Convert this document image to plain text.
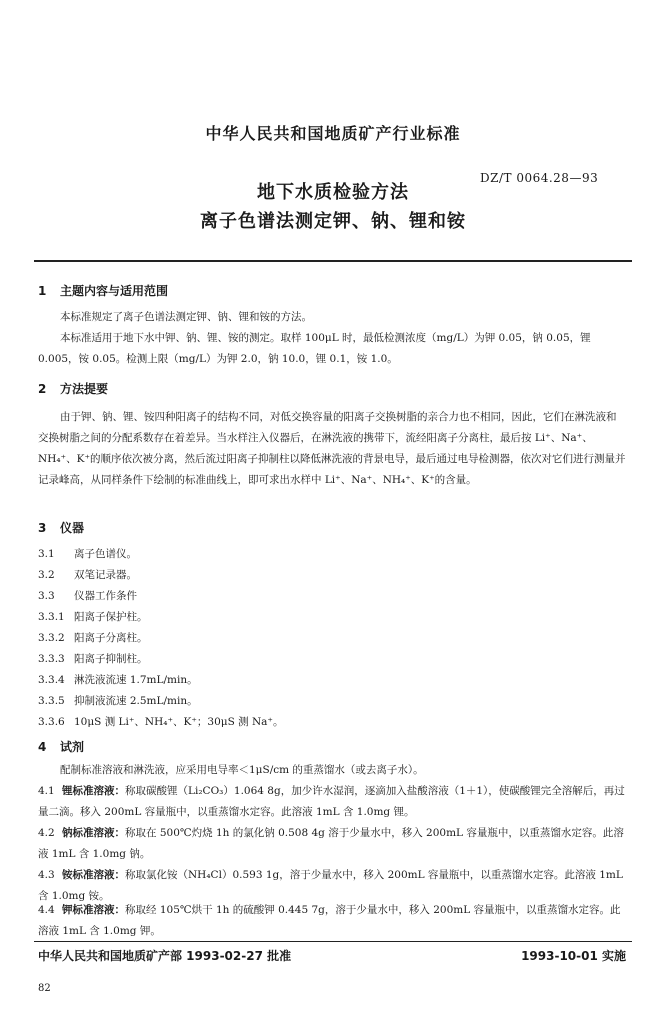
中华人民共和国地质矿产行业标准
地下水质检验方法
离子色谱法测定钾、钠、锂和铵
DZ/T 0064.28—93
1 主题内容与适用范围
本标准规定了离子色谱法测定钾、钠、锂和铵的方法。
本标准适用于地下水中钾、钠、锂、铵的测定。取样 100μL 时，最低检测浓度（mg/L）为钾 0.05，钠 0.05，锂 0.005，铵 0.05。检测上限（mg/L）为钾 2.0，钠 10.0，锂 0.1，铵 1.0。
2 方法提要
由于钾、钠、锂、铵四种阳离子的结构不同，对低交换容量的阳离子交换树脂的亲合力也不相同，因此，它们在淋洗液和交换树脂之间的分配系数存在着差异。当水样注入仪器后，在淋洗液的携带下，流经阳离子分离柱，最后按 Li⁺、Na⁺、NH₄⁺、K⁺的顺序依次被分离，然后流过阳离子抑制柱以降低淋洗液的背景电导，最后通过电导检测器，依次对它们进行测量并记录峰高，从同样条件下绘制的标准曲线上，即可求出水样中 Li⁺、Na⁺、NH₄⁺、K⁺的含量。
3 仪器
3.1 离子色谱仪。
3.2 双笔记录器。
3.3 仪器工作条件
3.3.1 阳离子保护柱。
3.3.2 阳离子分离柱。
3.3.3 阳离子抑制柱。
3.3.4 淋洗液流速 1.7mL/min。
3.3.5 抑制液流速 2.5mL/min。
3.3.6 10μS 测 Li⁺、NH₄⁺、K⁺；30μS 测 Na⁺。
4 试剂
配制标准溶液和淋洗液，应采用电导率＜1μS/cm 的重蒸馏水（或去离子水）。
4.1 锂标准溶液：称取碳酸锂（Li₂CO₃）1.064 8g，加少许水湿润，逐滴加入盐酸溶液（1＋1），使碳酸锂完全溶解后，再过量二滴。移入 200mL 容量瓶中，以重蒸馏水定容。此溶液 1mL 含 1.0mg 锂。
4.2 钠标准溶液：称取在 500℃灼烧 1h 的氯化钠 0.508 4g 溶于少量水中，移入 200mL 容量瓶中，以重蒸馏水定容。此溶液 1mL 含 1.0mg 钠。
4.3 铵标准溶液：称取氯化铵（NH₄Cl）0.593 1g，溶于少量水中，移入 200mL 容量瓶中，以重蒸馏水定容。此溶液 1mL 含 1.0mg 铵。
4.4 钾标准溶液：称取经 105℃烘干 1h 的硫酸钾 0.445 7g，溶于少量水中，移入 200mL 容量瓶中，以重蒸馏水定容。此溶液 1mL 含 1.0mg 钾。
中华人民共和国地质矿产部 1993-02-27 批准	1993-10-01 实施
82
